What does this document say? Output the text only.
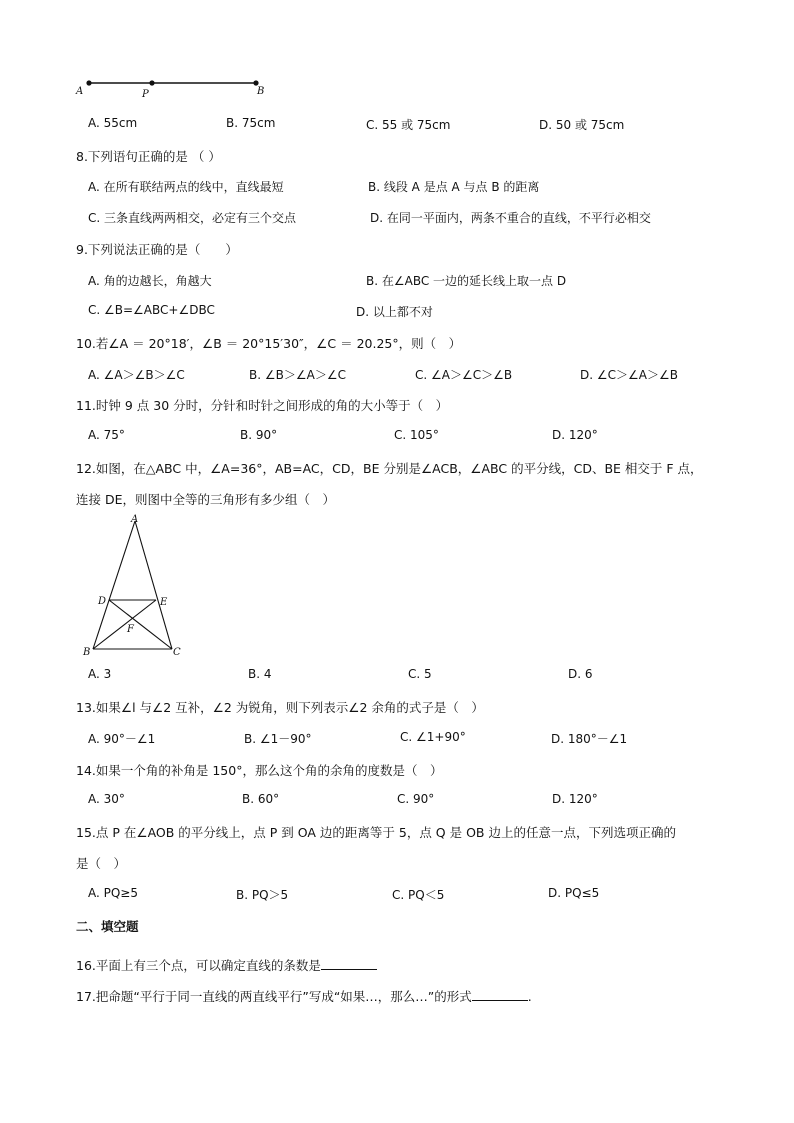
A	P	B
A. 55cm	B. 75cm	C. 55 或 75cm	D. 50 或 75cm
8.下列语句正确的是 （ ）
A. 在所有联结两点的线中，直线最短	B. 线段 A 是点 A 与点 B 的距离
C. 三条直线两两相交，必定有三个交点	D. 在同一平面内，两条不重合的直线，不平行必相交
9.下列说法正确的是（　　）
A. 角的边越长，角越大	B. 在∠ABC 一边的延长线上取一点 D
C. ∠B=∠ABC+∠DBC	D. 以上都不对
10.若∠A ＝ 20°18′，∠B ＝ 20°15′30″，∠C ＝ 20.25°，则（　）
A. ∠A＞∠B＞∠C	B. ∠B＞∠A＞∠C	C. ∠A＞∠C＞∠B	D. ∠C＞∠A＞∠B
11.时钟 9 点 30 分时，分针和时针之间形成的角的大小等于（　）
A. 75°	B. 90°	C. 105°	D. 120°
12.如图，在△ABC 中，∠A=36°，AB=AC，CD，BE 分别是∠ACB，∠ABC 的平分线，CD、BE 相交于 F 点，
连接 DE，则图中全等的三角形有多少组（　）
A
D	E
F
B	C
A. 3	B. 4	C. 5	D. 6
13.如果∠l 与∠2 互补，∠2 为锐角，则下列表示∠2 余角的式子是（　）
A. 90°－∠1	B. ∠1－90°	C. ∠1+90°	D. 180°－∠1
14.如果一个角的补角是 150°，那么这个角的余角的度数是（　）
A. 30°	B. 60°	C. 90°	D. 120°
15.点 P 在∠AOB 的平分线上，点 P 到 OA 边的距离等于 5，点 Q 是 OB 边上的任意一点，下列选项正确的
是（　）
A. PQ≥5	B. PQ＞5	C. PQ＜5	D. PQ≤5
二、填空题
16.平面上有三个点，可以确定直线的条数是
17.把命题“平行于同一直线的两直线平行”写成“如果…，那么…”的形式	.
